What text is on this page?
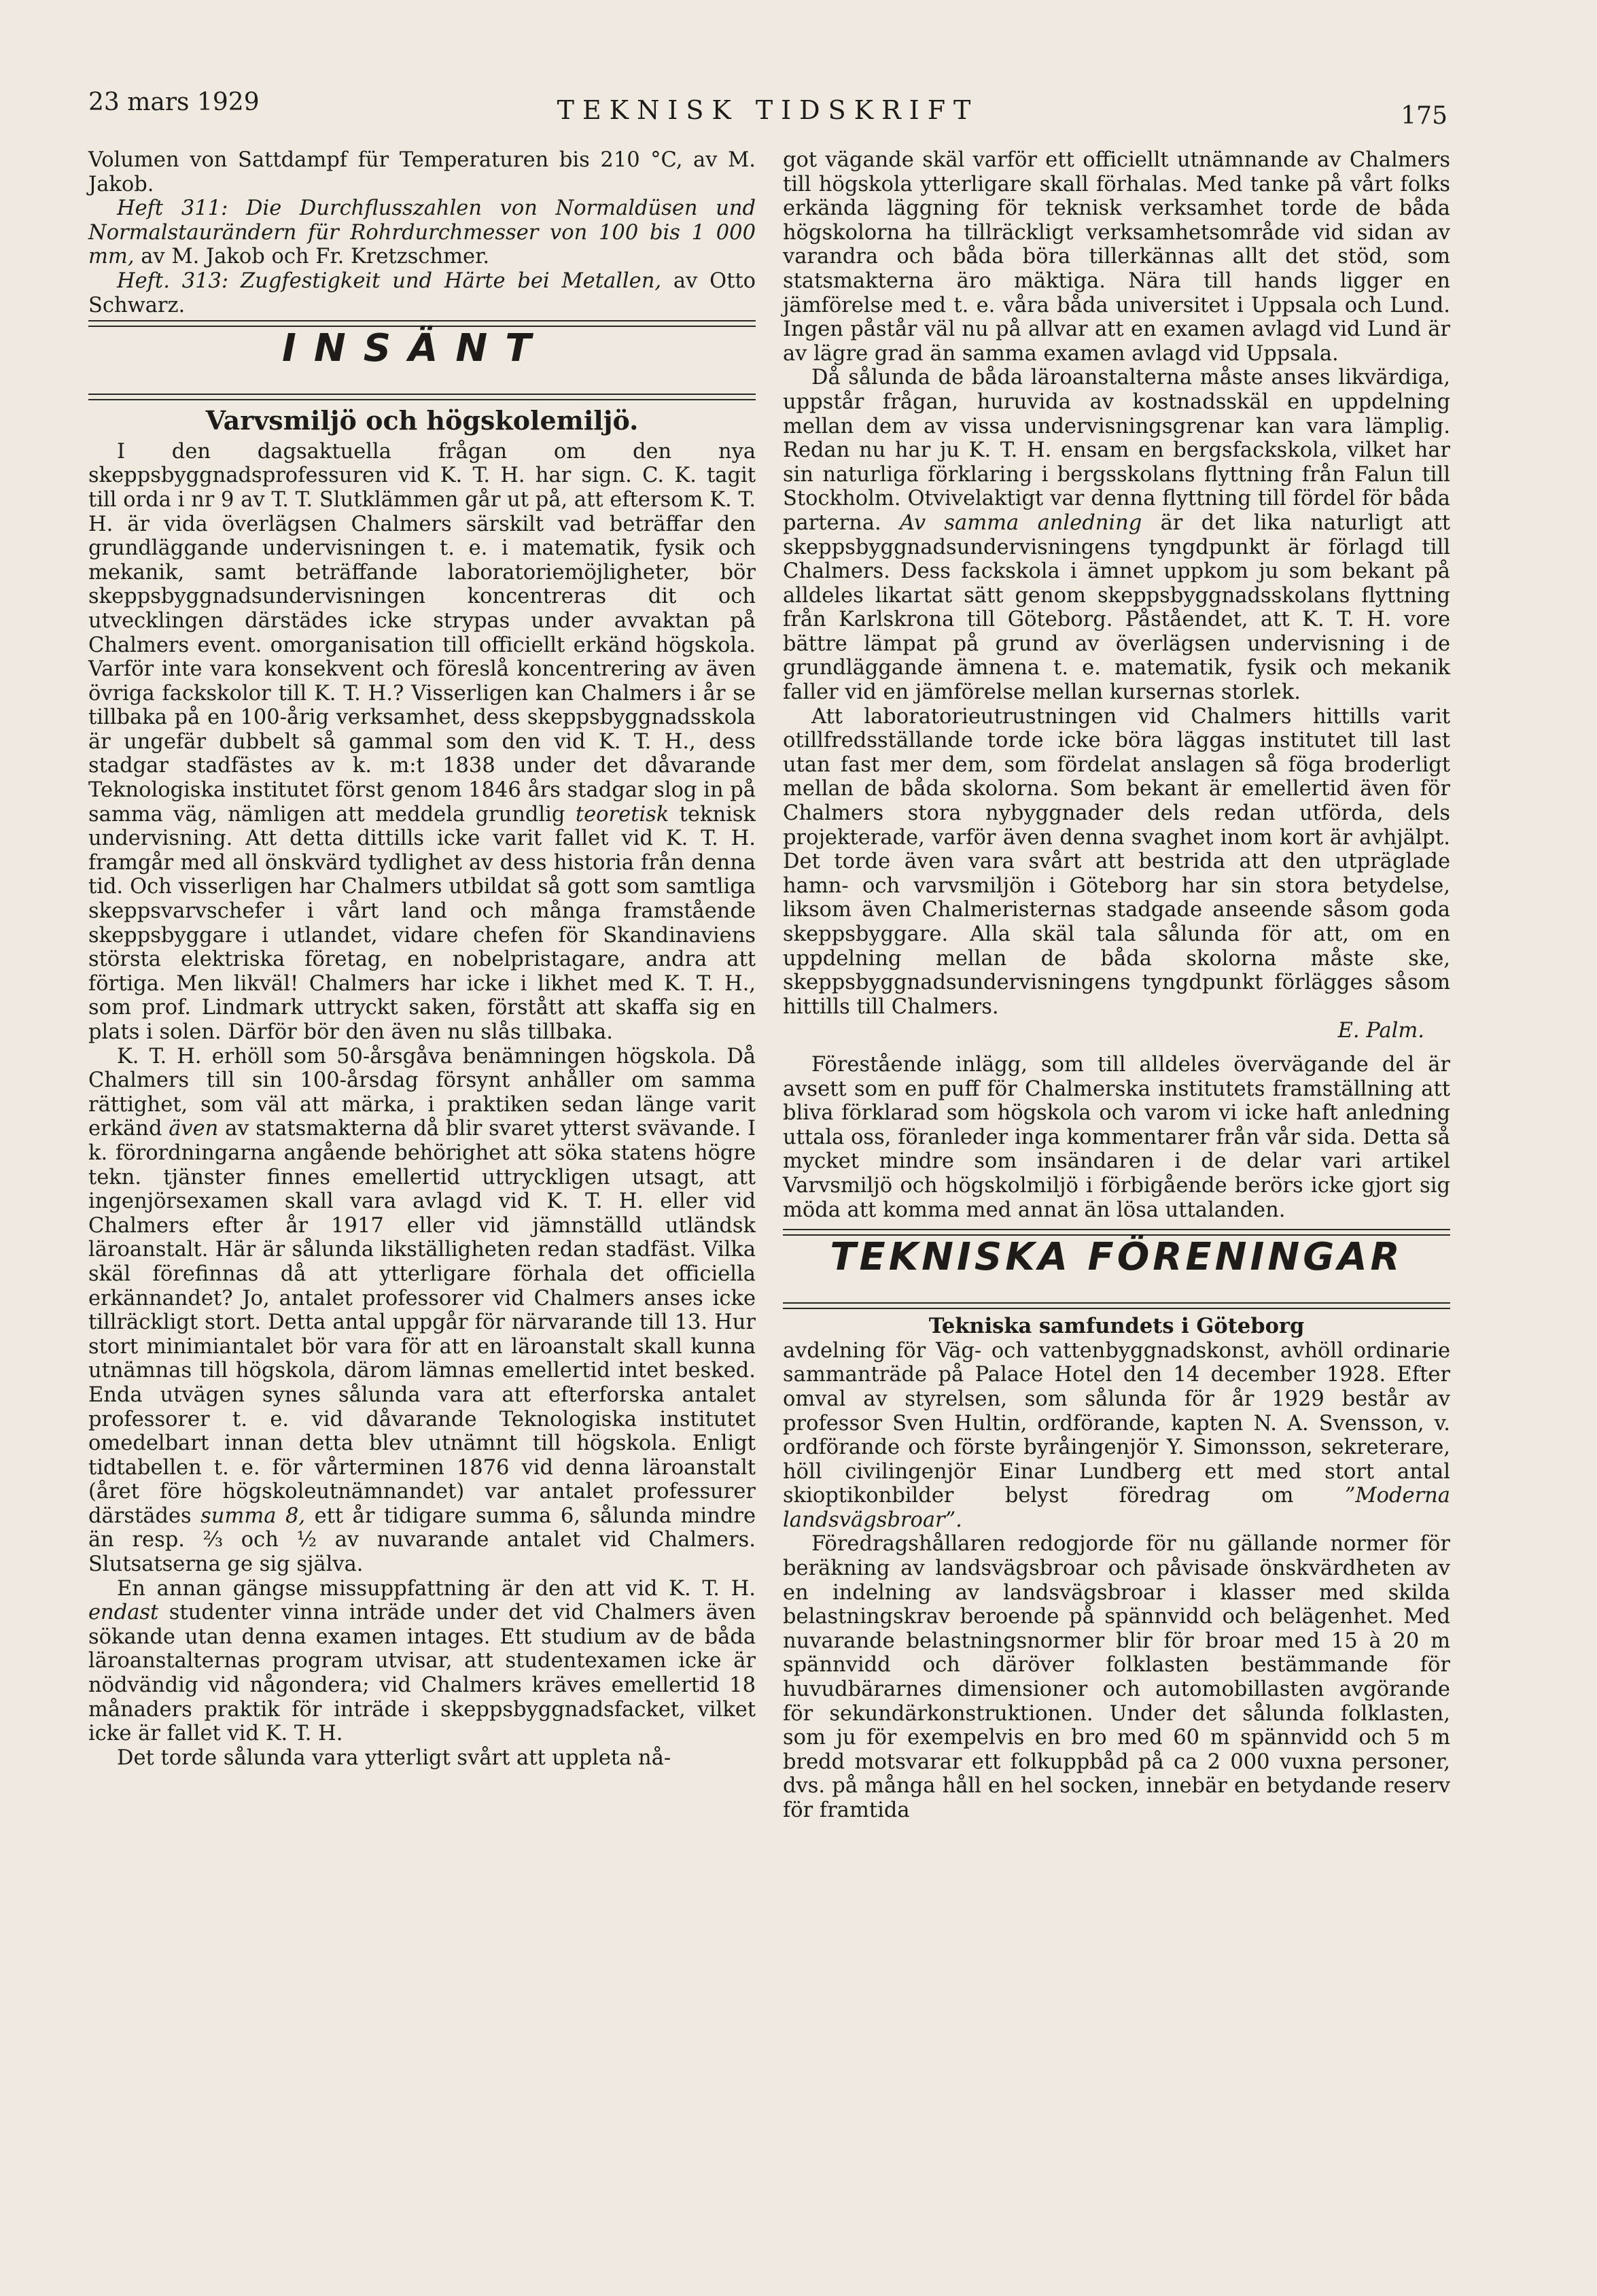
23 mars 1929	TEKNISK TIDSKRIFT	175

Volumen von Sattdampf für Temperaturen bis 210 °C, av M. Jakob.

Heft 311: Die Durchflusszahlen von Normaldüsen und Normalstaurändern für Rohrdurchmesser von 100 bis 1 000 mm, av M. Jakob och Fr. Kretzschmer.

Heft. 313: Zugfestigkeit und Härte bei Metallen, av Otto Schwarz.

INSÄNT
Varvsmiljö och högskolemiljö.

I den dagsaktuella frågan om den nya skeppsbyggnadsprofessuren vid K. T. H. har sign. C. K. tagit till orda i nr 9 av T. T. Slutklämmen går ut på, att eftersom K. T. H. är vida överlägsen Chalmers särskilt vad beträffar den grundläggande undervisningen t. e. i matematik, fysik och mekanik, samt beträffande laboratoriemöjligheter, bör skeppsbyggnadsundervisningen koncentreras dit och utvecklingen därstädes icke strypas under avvaktan på Chalmers event. omorganisation till officiellt erkänd högskola. Varför inte vara konsekvent och föreslå koncentrering av även övriga fackskolor till K. T. H.? Visserligen kan Chalmers i år se tillbaka på en 100-årig verksamhet, dess skeppsbyggnadsskola är ungefär dubbelt så gammal som den vid K. T. H., dess stadgar stadfästes av k. m:t 1838 under det dåvarande Teknologiska institutet först genom 1846 års stadgar slog in på samma väg, nämligen att meddela grundlig teoretisk teknisk undervisning. Att detta dittills icke varit fallet vid K. T. H. framgår med all önskvärd tydlighet av dess historia från denna tid. Och visserligen har Chalmers utbildat så gott som samtliga skeppsvarvschefer i vårt land och många framstående skeppsbyggare i utlandet, vidare chefen för Skandinaviens största elektriska företag, en nobelpristagare, andra att förtiga. Men likväl! Chalmers har icke i likhet med K. T. H., som prof. Lindmark uttryckt saken, förstått att skaffa sig en plats i solen. Därför bör den även nu slås tillbaka.

K. T. H. erhöll som 50-årsgåva benämningen högskola. Då Chalmers till sin 100-årsdag försynt anhåller om samma rättighet, som väl att märka, i praktiken sedan länge varit erkänd även av statsmakterna då blir svaret ytterst svävande. I k. förordningarna angående behörighet att söka statens högre tekn. tjänster finnes emellertid uttryckligen utsagt, att ingenjörsexamen skall vara avlagd vid K. T. H. eller vid Chalmers efter år 1917 eller vid jämnställd utländsk läroanstalt. Här är sålunda likställigheten redan stadfäst. Vilka skäl förefinnas då att ytterligare förhala det officiella erkännandet? Jo, antalet professorer vid Chalmers anses icke tillräckligt stort. Detta antal uppgår för närvarande till 13. Hur stort minimiantalet bör vara för att en läroanstalt skall kunna utnämnas till högskola, därom lämnas emellertid intet besked. Enda utvägen synes sålunda vara att efterforska antalet professorer t. e. vid dåvarande Teknologiska institutet omedelbart innan detta blev utnämnt till högskola. Enligt tidtabellen t. e. för vårterminen 1876 vid denna läroanstalt (året före högskoleutnämnandet) var antalet professurer därstädes summa 8, ett år tidigare summa 6, sålunda mindre än resp. ⅔ och ½ av nuvarande antalet vid Chalmers. Slutsatserna ge sig själva.

En annan gängse missuppfattning är den att vid K. T. H. endast studenter vinna inträde under det vid Chalmers även sökande utan denna examen intages. Ett studium av de båda läroanstalternas program utvisar, att studentexamen icke är nödvändig vid någondera; vid Chalmers kräves emellertid 18 månaders praktik för inträde i skeppsbyggnadsfacket, vilket icke är fallet vid K. T. H.

Det torde sålunda vara ytterligt svårt att uppleta nå-

got vägande skäl varför ett officiellt utnämnande av Chalmers till högskola ytterligare skall förhalas. Med tanke på vårt folks erkända läggning för teknisk verksamhet torde de båda högskolorna ha tillräckligt verksamhetsområde vid sidan av varandra och båda böra tillerkännas allt det stöd, som statsmakterna äro mäktiga. Nära till hands ligger en jämförelse med t. e. våra båda universitet i Uppsala och Lund. Ingen påstår väl nu på allvar att en examen avlagd vid Lund är av lägre grad än samma examen avlagd vid Uppsala.

Då sålunda de båda läroanstalterna måste anses likvärdiga, uppstår frågan, huruvida av kostnadsskäl en uppdelning mellan dem av vissa undervisningsgrenar kan vara lämplig. Redan nu har ju K. T. H. ensam en bergsfackskola, vilket har sin naturliga förklaring i bergsskolans flyttning från Falun till Stockholm. Otvivelaktigt var denna flyttning till fördel för båda parterna. Av samma anledning är det lika naturligt att skeppsbyggnadsundervisningens tyngdpunkt är förlagd till Chalmers. Dess fackskola i ämnet uppkom ju som bekant på alldeles likartat sätt genom skeppsbyggnadsskolans flyttning från Karlskrona till Göteborg. Påståendet, att K. T. H. vore bättre lämpat på grund av överlägsen undervisning i de grundläggande ämnena t. e. matematik, fysik och mekanik faller vid en jämförelse mellan kursernas storlek.

Att laboratorieutrustningen vid Chalmers hittills varit otillfredsställande torde icke böra läggas institutet till last utan fast mer dem, som fördelat anslagen så föga broderligt mellan de båda skolorna. Som bekant är emellertid även för Chalmers stora nybyggnader dels redan utförda, dels projekterade, varför även denna svaghet inom kort är avhjälpt. Det torde även vara svårt att bestrida att den utpräglade hamn- och varvsmiljön i Göteborg har sin stora betydelse, liksom även Chalmeristernas stadgade anseende såsom goda skeppsbyggare. Alla skäl tala sålunda för att, om en uppdelning mellan de båda skolorna måste ske, skeppsbyggnadsundervisningens tyngdpunkt förlägges såsom hittills till Chalmers.

E. Palm.

Förestående inlägg, som till alldeles övervägande del är avsett som en puff för Chalmerska institutets framställning att bliva förklarad som högskola och varom vi icke haft anledning uttala oss, föranleder inga kommentarer från vår sida. Detta så mycket mindre som insändaren i de delar vari artikel Varvsmiljö och högskolmiljö i förbigående berörs icke gjort sig möda att komma med annat än lösa uttalanden.

TEKNISKA FÖRENINGAR
Tekniska samfundets i Göteborg

avdelning för Väg- och vattenbyggnadskonst, avhöll ordinarie sammanträde på Palace Hotel den 14 december 1928. Efter omval av styrelsen, som sålunda för år 1929 består av professor Sven Hultin, ordförande, kapten N. A. Svensson, v. ordförande och förste byråingenjör Y. Simonsson, sekreterare, höll civilingenjör Einar Lundberg ett med stort antal skioptikonbilder belyst föredrag om ”Moderna landsvägsbroar”.

Föredragshållaren redogjorde för nu gällande normer för beräkning av landsvägsbroar och påvisade önskvärdheten av en indelning av landsvägsbroar i klasser med skilda belastningskrav beroende på spännvidd och belägenhet. Med nuvarande belastningsnormer blir för broar med 15 à 20 m spännvidd och däröver folklasten bestämmande för huvudbärarnes dimensioner och automobillasten avgörande för sekundärkonstruktionen. Under det sålunda folklasten, som ju för exempelvis en bro med 60 m spännvidd och 5 m bredd motsvarar ett folkuppbåd på ca 2 000 vuxna personer, dvs. på många håll en hel socken, innebär en betydande reserv för framtida
